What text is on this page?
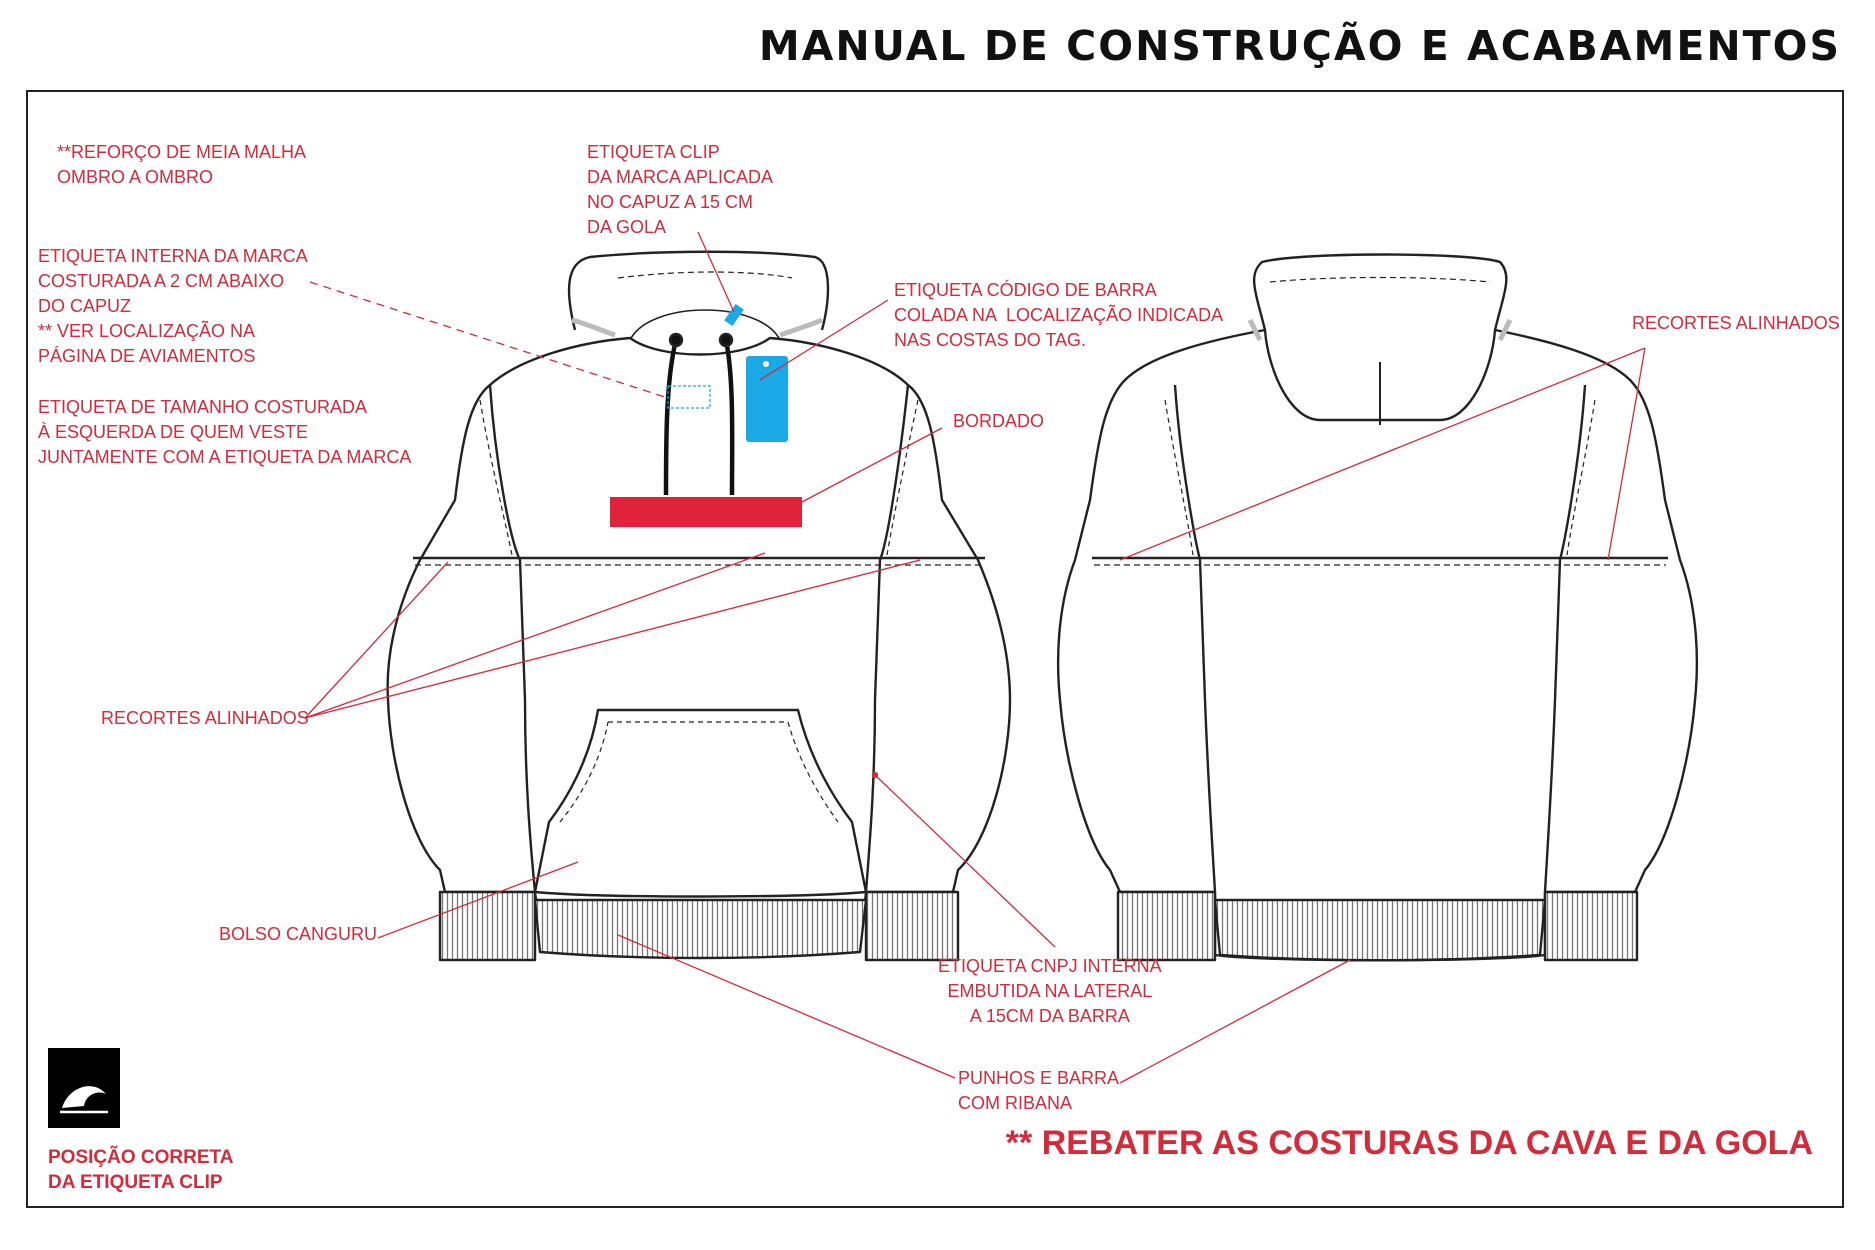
MANUAL DE CONSTRUÇÃO E ACABAMENTOS
**REFORÇO DE MEIA MALHA
OMBRO A OMBRO
ETIQUETA INTERNA DA MARCA
COSTURADA A 2 CM ABAIXO
DO CAPUZ
** VER LOCALIZAÇÃO NA
PÁGINA DE AVIAMENTOS
ETIQUETA DE TAMANHO COSTURADA
À ESQUERDA DE QUEM VESTE
JUNTAMENTE COM A ETIQUETA DA MARCA
ETIQUETA CLIP
DA MARCA APLICADA
NO CAPUZ A 15 CM
DA GOLA
ETIQUETA CÓDIGO DE BARRA
COLADA NA  LOCALIZAÇÃO INDICADA
NAS COSTAS DO TAG.
BORDADO
RECORTES ALINHADOS
RECORTES ALINHADOS
BOLSO CANGURU
ETIQUETA CNPJ INTERNA
EMBUTIDA NA LATERAL
A 15CM DA BARRA
PUNHOS E BARRA
COM RIBANA
POSIÇÃO CORRETA
DA ETIQUETA CLIP
** REBATER AS COSTURAS DA CAVA E DA GOLA
